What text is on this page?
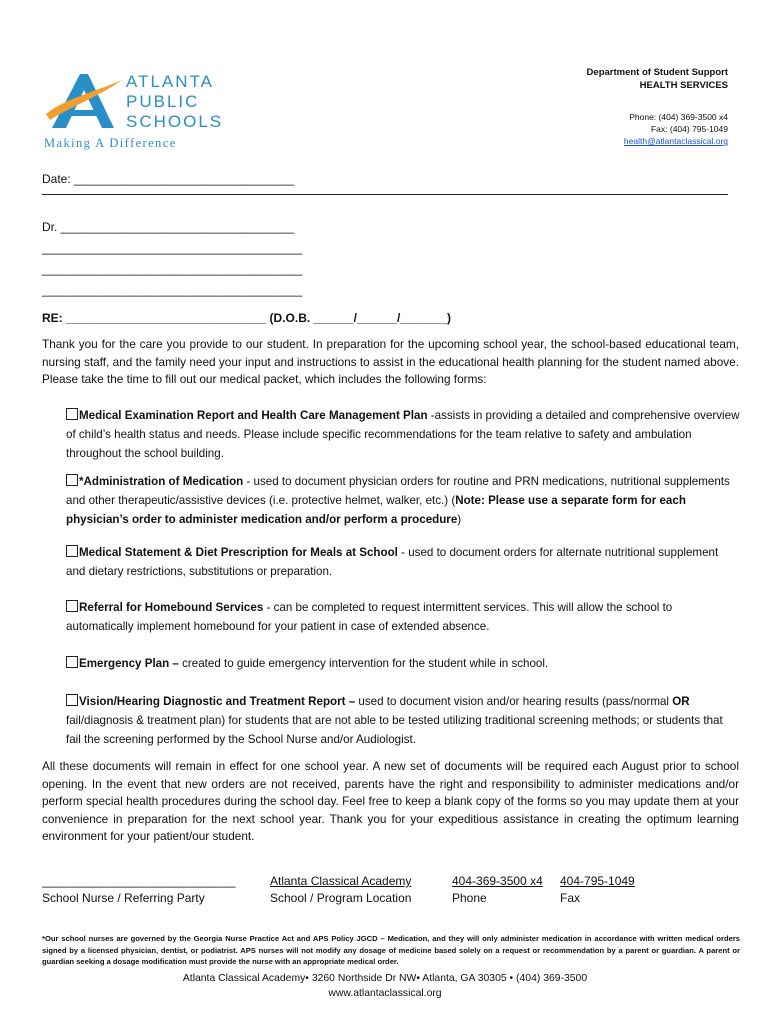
ATLANTA
PUBLIC
SCHOOLS
Making A Difference
Department of Student Support
HEALTH SERVICES
Phone: (404) 369-3500 x4
Fax: (404) 795-1049
health@atlantaclassical.org
Date: _________________________________
Dr. ___________________________________
_______________________________________
_______________________________________
_______________________________________
RE: ______________________________ (D.O.B. ______/______/_______)
Thank you for the care you provide to our student. In preparation for the upcoming school year, the school-based educational team, nursing staff, and the family need your input and instructions to assist in the educational health planning for the student named above. Please take the time to fill out our medical packet, which includes the following forms:
Medical Examination Report and Health Care Management Plan -assists in providing a detailed and comprehensive overview of child’s health status and needs. Please include specific recommendations for the team relative to safety and ambulation throughout the school building.
*Administration of Medication - used to document physician orders for routine and PRN medications, nutritional supplements and other therapeutic/assistive devices (i.e. protective helmet, walker, etc.) (Note: Please use a separate form for each physician’s order to administer medication and/or perform a procedure)
Medical Statement & Diet Prescription for Meals at School - used to document orders for alternate nutritional supplement and dietary restrictions, substitutions or preparation.
Referral for Homebound Services - can be completed to request intermittent services. This will allow the school to automatically implement homebound for your patient in case of extended absence.
Emergency Plan – created to guide emergency intervention for the student while in school.
Vision/Hearing Diagnostic and Treatment Report – used to document vision and/or hearing results (pass/normal OR fail/diagnosis & treatment plan) for students that are not able to be tested utilizing traditional screening methods; or students that fail the screening performed by the School Nurse and/or Audiologist.
All these documents will remain in effect for one school year. A new set of documents will be required each August prior to school opening. In the event that new orders are not received, parents have the right and responsibility to administer medications and/or perform special health procedures during the school day. Feel free to keep a blank copy of the forms so you may update them at your convenience in preparation for the next school year. Thank you for your expeditious assistance in creating the optimum learning environment for your patient/our student.
_____________________________
School Nurse / Referring Party
Atlanta Classical Academy
School / Program Location
404-369-3500 x4
Phone
404-795-1049
Fax
*Our school nurses are governed by the Georgia Nurse Practice Act and APS Policy JGCD – Medication, and they will only administer medication in accordance with written medical orders signed by a licensed physician, dentist, or podiatrist. APS nurses will not modify any dosage of medicine based solely on a request or recommendation by a parent or guardian. A parent or guardian seeking a dosage modification must provide the nurse with an appropriate medical order.
Atlanta Classical Academy• 3260 Northside Dr NW• Atlanta, GA 30305 • (404) 369-3500
www.atlantaclassical.org
